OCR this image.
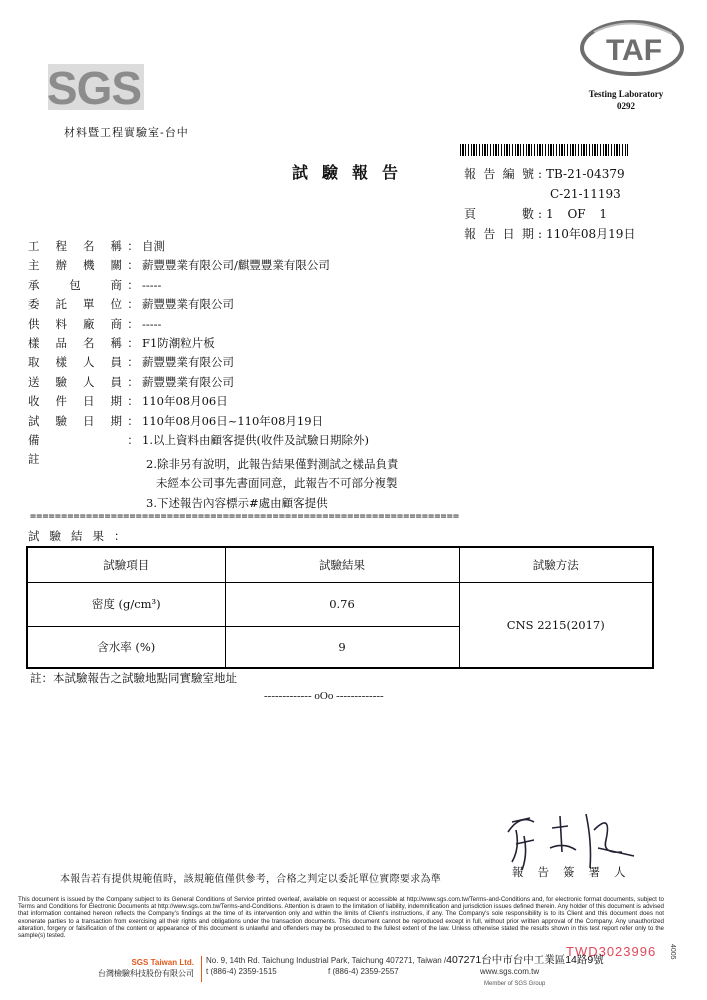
SGS
材料暨工程實驗室-台中
TAF
Testing Laboratory
0292
試驗報告	報告編號 : TB-21-04379
C-21-11193
頁數 : 1 OF 1
報告日期 : 110年08月19日
工程名稱 ： 自測
主辦機關 ： 薪豐豐業有限公司/麒豐豐業有限公司
承包商 ： -----
委託單位 ： 薪豐豐業有限公司
供料廠商 ： -----
樣品名稱 ： F1防潮粒片板
取樣人員 ： 薪豐豐業有限公司
送驗人員 ： 薪豐豐業有限公司
收件日期 ： 110年08月06日
試驗日期 ： 110年08月06日~110年08月19日
備註
： 1.以上資料由顧客提供(收件及試驗日期除外)
2.除非另有說明，此報告結果僅對測試之樣品負責
未經本公司事先書面同意，此報告不可部分複製
3.下述報告內容標示#處由顧客提供
=====================================================================
試驗結果：
試驗項目	試驗結果	試驗方法
密度 (g/cm³)	0.76	CNS 2215(2017)
含水率 (%)	9	
註：本試驗報告之試驗地點同實驗室地址
------------- oOo -------------
本報告若有提供規範值時，該規範值僅供參考，合格之判定以委託單位實際要求為準
報告簽署人
This document is issued by the Company subject to its General Conditions of Service printed overleaf, available on request or accessible at http://www.sgs.com.tw/Terms-and-Conditions and, for electronic format documents, subject to Terms and Conditions for Electronic Documents at http://www.sgs.com.tw/Terms-and-Conditions. Attention is drawn to the limitation of liability, indemnification and jurisdiction issues defined therein. Any holder of this document is advised that information contained hereon reflects the Company's findings at the time of its intervention only and within the limits of Client's instructions, if any. The Company's sole responsibility is to its Client and this document does not exonerate parties to a transaction from exercising all their rights and obligations under the transaction documents. This document cannot be reproduced except in full, without prior written approval of the Company. Any unauthorized alteration, forgery or falsification of the content or appearance of this document is unlawful and offenders may be prosecuted to the fullest extent of the law. Unless otherwise stated the results shown in this test report refer only to the sample(s) tested.
TWD3023996
SGS Taiwan Ltd.
台灣檢驗科技股份有限公司
No. 9, 14th Rd. Taichung Industrial Park, Taichung 407271, Taiwan /407271台中市台中工業區14路9號
t (886-4) 2359-1515	f (886-4) 2359-2557	www.sgs.com.tw
Member of SGS Group
4005
